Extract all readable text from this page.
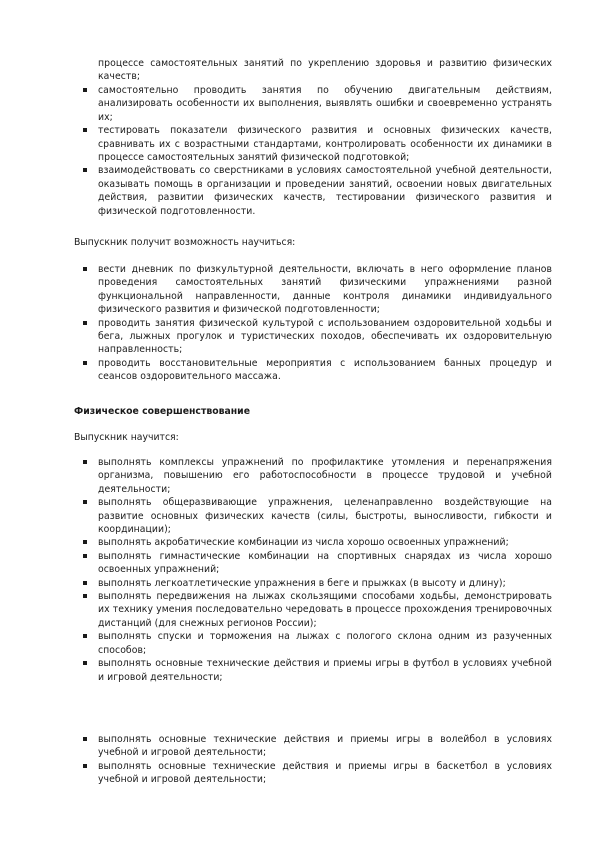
процессе самостоятельных занятий по укреплению здоровья и развитию физических качеств;

самостоятельно проводить занятия по обучению двигательным действиям, анализировать особенности их выполнения, выявлять ошибки и своевременно устранять их;

тестировать показатели физического развития и основных физических качеств, сравнивать их с возрастными стандартами, контролировать особенности их динамики в процессе самостоятельных занятий физической подготовкой;

взаимодействовать со сверстниками в условиях самостоятельной учебной деятельности, оказывать помощь в организации и проведении занятий, освоении новых двигательных действия, развитии физических качеств, тестировании физического развития и физической подготовленности.

Выпускник получит возможность научиться:

вести дневник по физкультурной деятельности, включать в него оформление планов проведения самостоятельных занятий физическими упражнениями разной функциональной направленности, данные контроля динамики индивидуального физического развития и физической подготовленности;

проводить занятия физической культурой с использованием оздоровительной ходьбы и бега, лыжных прогулок и туристических походов, обеспечивать их оздоровительную направленность;

проводить восстановительные мероприятия с использованием банных процедур и сеансов оздоровительного массажа.

Физическое совершенствование

Выпускник научится:

выполнять комплексы упражнений по профилактике утомления и перенапряжения организма, повышению его работоспособности в процессе трудовой и учебной деятельности;

выполнять общеразвивающие упражнения, целенаправленно воздействующие на развитие основных физических качеств (силы, быстроты, выносливости, гибкости и координации);

выполнять акробатические комбинации из числа хорошо освоенных упражнений;

выполнять гимнастические комбинации на спортивных снарядах из числа хорошо освоенных упражнений;

выполнять легкоатлетические упражнения в беге и прыжках (в высоту и длину);

выполнять передвижения на лыжах скользящими способами ходьбы, демонстрировать их технику умения последовательно чередовать в процессе прохождения тренировочных дистанций (для снежных регионов России);

выполнять спуски и торможения на лыжах с пологого склона одним из разученных способов;

выполнять основные технические действия и приемы игры в футбол в условиях учебной и игровой деятельности;

выполнять основные технические действия и приемы игры в волейбол в условиях учебной и игровой деятельности;

выполнять основные технические действия и приемы игры в баскетбол в условиях учебной и игровой деятельности;
